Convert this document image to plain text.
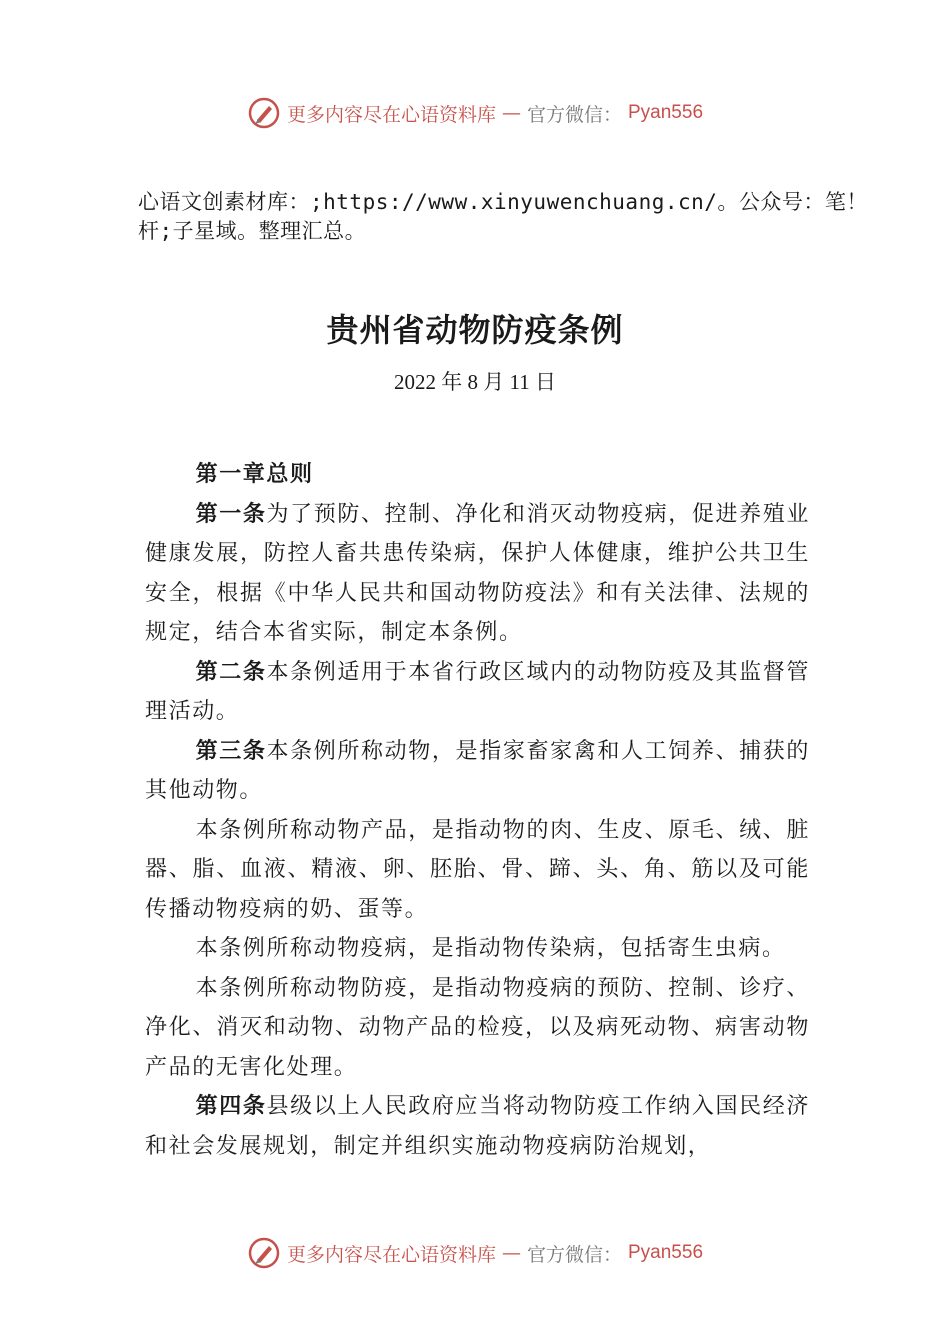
更多内容尽在心语资料库 — 官方微信： Pyan556
心语文创素材库：;https://www.xinyuwenchuang.cn/。公众号：笔！杆;子星域。整理汇总。
贵州省动物防疫条例
2022 年 8 月 11 日

第一章总则

第一条为了预防、控制、净化和消灭动物疫病，促进养殖业健康发展，防控人畜共患传染病，保护人体健康，维护公共卫生安全，根据《中华人民共和国动物防疫法》和有关法律、法规的规定，结合本省实际，制定本条例。

第二条本条例适用于本省行政区域内的动物防疫及其监督管理活动。

第三条本条例所称动物，是指家畜家禽和人工饲养、捕获的其他动物。

本条例所称动物产品，是指动物的肉、生皮、原毛、绒、脏器、脂、血液、精液、卵、胚胎、骨、蹄、头、角、筋以及可能传播动物疫病的奶、蛋等。

本条例所称动物疫病，是指动物传染病，包括寄生虫病。

本条例所称动物防疫，是指动物疫病的预防、控制、诊疗、净化、消灭和动物、动物产品的检疫，以及病死动物、病害动物产品的无害化处理。

第四条县级以上人民政府应当将动物防疫工作纳入国民经济和社会发展规划，制定并组织实施动物疫病防治规划，

更多内容尽在心语资料库 — 官方微信： Pyan556
